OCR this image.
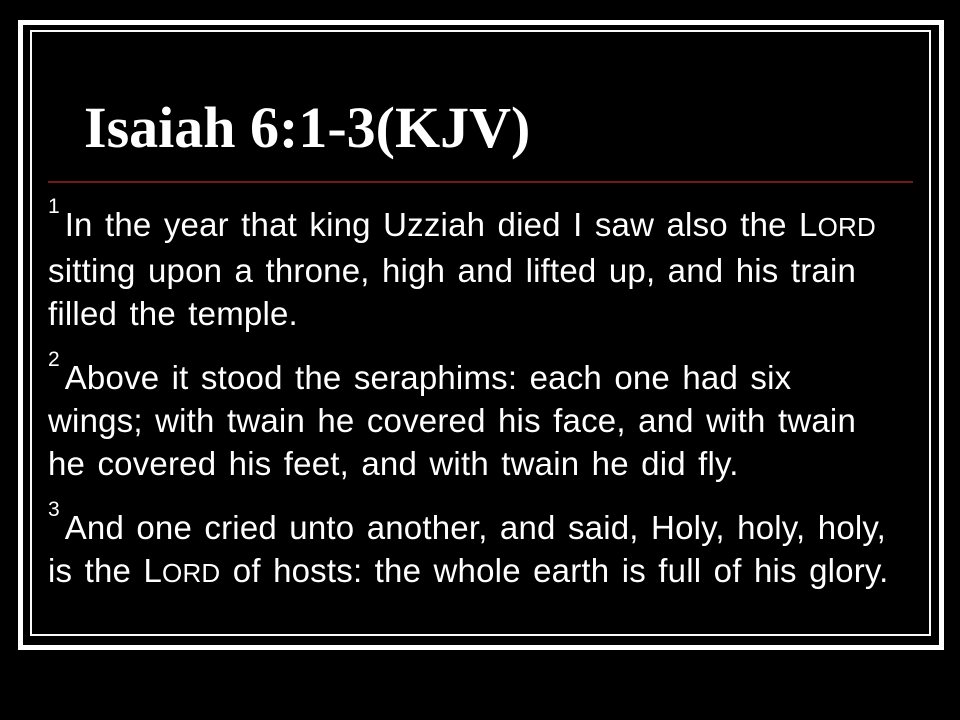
Isaiah 6:1-3(KJV)

$^1$ In the year that king Uzziah died I saw also the LORD sitting upon a throne, high and lifted up, and his train filled the temple.

$^2$ Above it stood the seraphims: each one had six wings; with twain he covered his face, and with twain he covered his feet, and with twain he did fly.

$^3$ And one cried unto another, and said, Holy, holy, holy, is the LORD of hosts: the whole earth is full of his glory.
